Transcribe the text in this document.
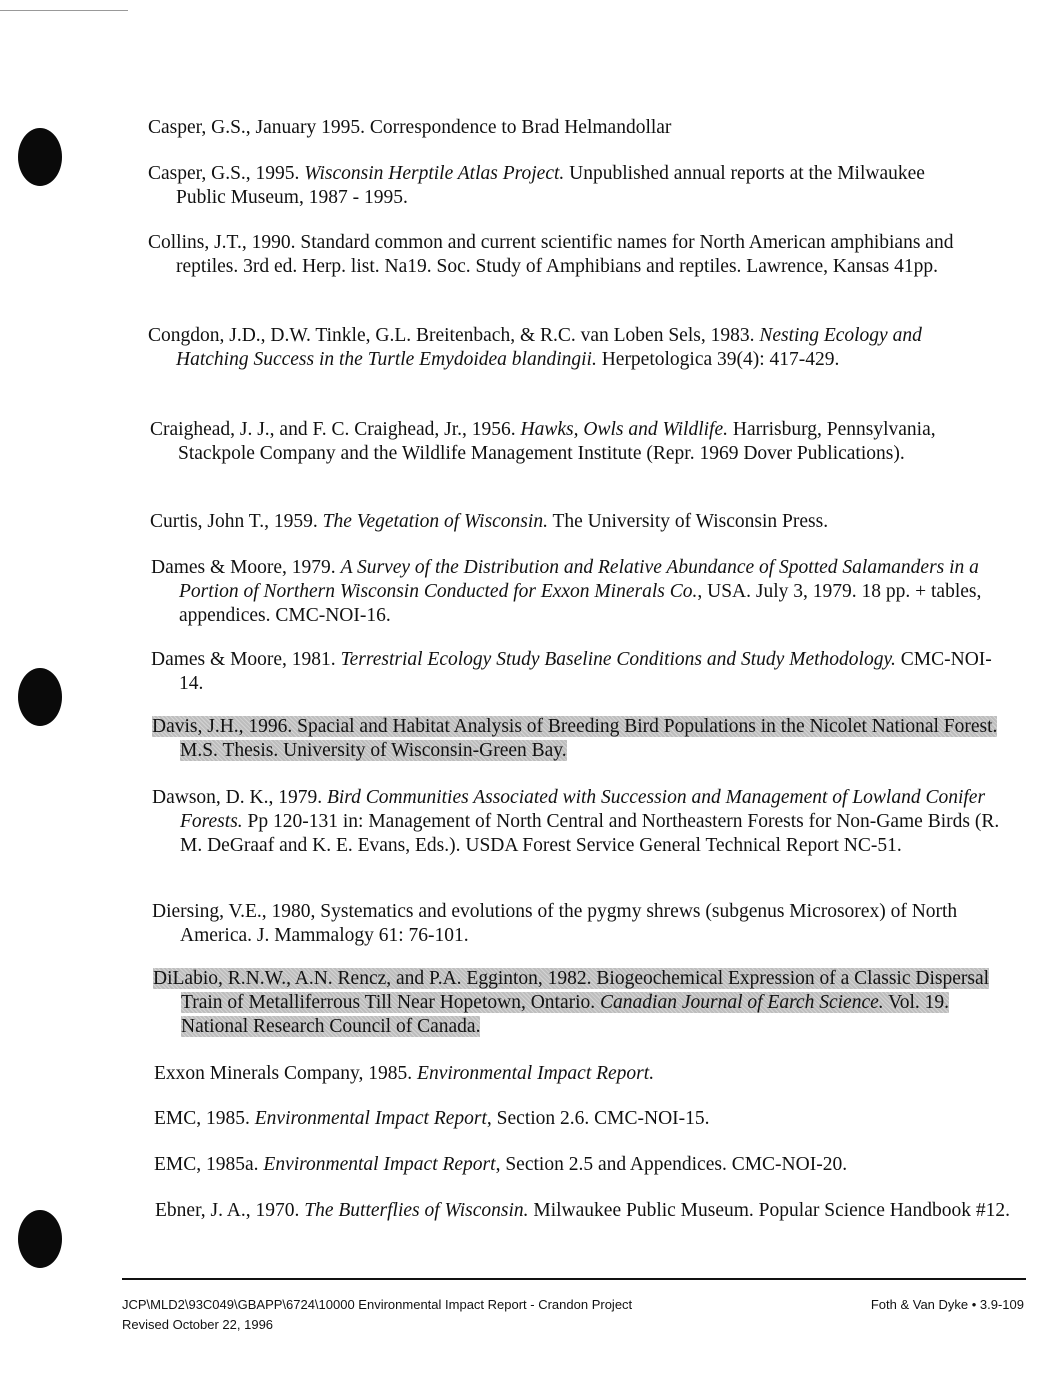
Casper, G.S., January 1995. Correspondence to Brad Helmandollar

Casper, G.S., 1995. Wisconsin Herptile Atlas Project. Unpublished annual reports at the Milwaukee Public Museum, 1987 - 1995.

Collins, J.T., 1990. Standard common and current scientific names for North American amphibians and reptiles. 3rd ed. Herp. list. Na19. Soc. Study of Amphibians and reptiles. Lawrence, Kansas 41pp.

Congdon, J.D., D.W. Tinkle, G.L. Breitenbach, & R.C. van Loben Sels, 1983. Nesting Ecology and Hatching Success in the Turtle Emydoidea blandingii. Herpetologica 39(4): 417-429.

Craighead, J. J., and F. C. Craighead, Jr., 1956. Hawks, Owls and Wildlife. Harrisburg, Pennsylvania, Stackpole Company and the Wildlife Management Institute (Repr. 1969 Dover Publications).

Curtis, John T., 1959. The Vegetation of Wisconsin. The University of Wisconsin Press.

Dames & Moore, 1979. A Survey of the Distribution and Relative Abundance of Spotted Salamanders in a Portion of Northern Wisconsin Conducted for Exxon Minerals Co., USA. July 3, 1979. 18 pp. + tables, appendices. CMC-NOI-16.

Dames & Moore, 1981. Terrestrial Ecology Study Baseline Conditions and Study Methodology. CMC-NOI-14.

Davis, J.H., 1996. Spacial and Habitat Analysis of Breeding Bird Populations in the Nicolet National Forest. M.S. Thesis. University of Wisconsin-Green Bay.

Dawson, D. K., 1979. Bird Communities Associated with Succession and Management of Lowland Conifer Forests. Pp 120-131 in: Management of North Central and Northeastern Forests for Non-Game Birds (R. M. DeGraaf and K. E. Evans, Eds.). USDA Forest Service General Technical Report NC-51.

Diersing, V.E., 1980, Systematics and evolutions of the pygmy shrews (subgenus Microsorex) of North America. J. Mammalogy 61: 76-101.

DiLabio, R.N.W., A.N. Rencz, and P.A. Egginton, 1982. Biogeochemical Expression of a Classic Dispersal Train of Metalliferrous Till Near Hopetown, Ontario. Canadian Journal of Earch Science. Vol. 19. National Research Council of Canada.

Exxon Minerals Company, 1985. Environmental Impact Report.

EMC, 1985. Environmental Impact Report, Section 2.6. CMC-NOI-15.

EMC, 1985a. Environmental Impact Report, Section 2.5 and Appendices. CMC-NOI-20.

Ebner, J. A., 1970. The Butterflies of Wisconsin. Milwaukee Public Museum. Popular Science Handbook #12.

JCP\MLD2\93C049\GBAPP\6724\10000 Environmental Impact Report - Crandon Project
Revised October 22, 1996
Foth & Van Dyke • 3.9-109
